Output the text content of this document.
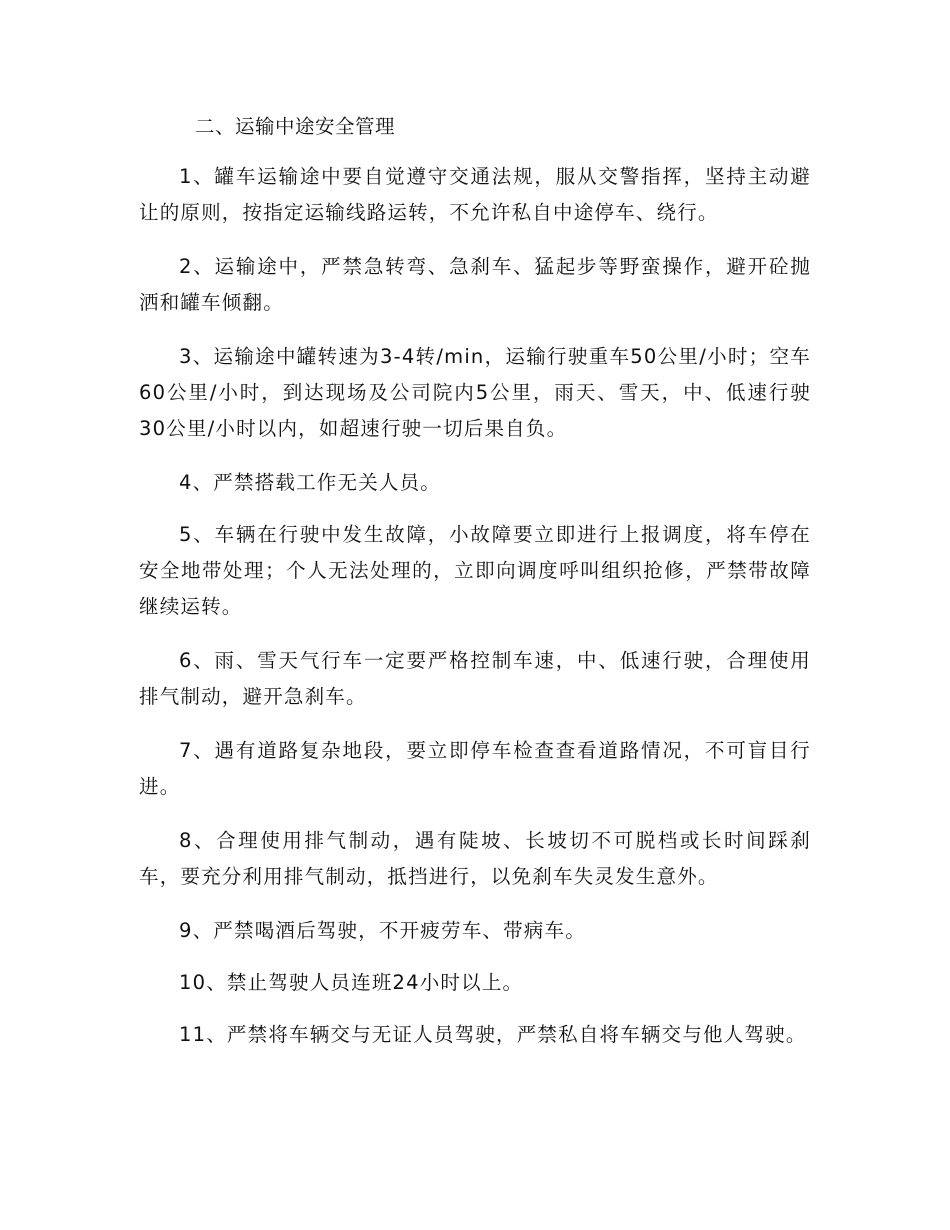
二、运输中途安全管理

1、罐车运输途中要自觉遵守交通法规，服从交警指挥，坚持主动避让的原则，按指定运输线路运转，不允许私自中途停车、绕行。

2、运输途中，严禁急转弯、急刹车、猛起步等野蛮操作，避开砼抛洒和罐车倾翻。

3、运输途中罐转速为3-4转/min，运输行驶重车50公里/小时；空车60公里/小时，到达现场及公司院内5公里，雨天、雪天，中、低速行驶30公里/小时以内，如超速行驶一切后果自负。

4、严禁搭载工作无关人员。

5、车辆在行驶中发生故障，小故障要立即进行上报调度，将车停在安全地带处理；个人无法处理的，立即向调度呼叫组织抢修，严禁带故障继续运转。

6、雨、雪天气行车一定要严格控制车速，中、低速行驶，合理使用排气制动，避开急刹车。

7、遇有道路复杂地段，要立即停车检查查看道路情况，不可盲目行进。

8、合理使用排气制动，遇有陡坡、长坡切不可脱档或长时间踩刹车，要充分利用排气制动，抵挡进行，以免刹车失灵发生意外。

9、严禁喝酒后驾驶，不开疲劳车、带病车。

10、禁止驾驶人员连班24小时以上。

11、严禁将车辆交与无证人员驾驶，严禁私自将车辆交与他人驾驶。
